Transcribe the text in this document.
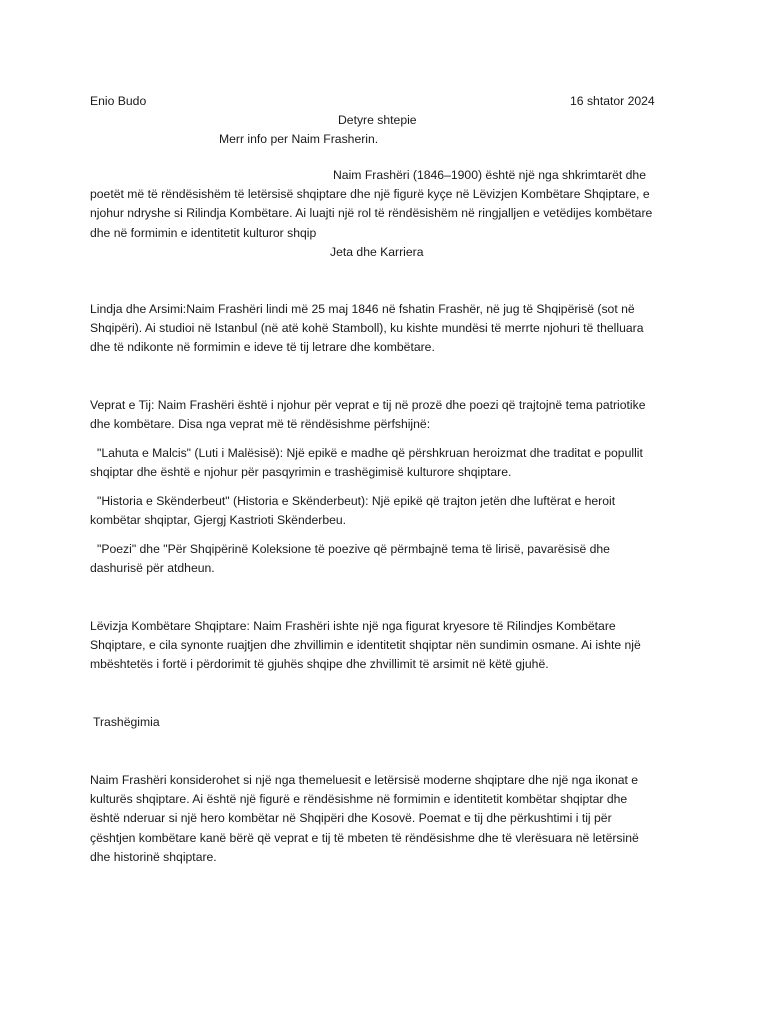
Enio Budo	16 shtator 2024
Detyre shtepie
Merr info per Naim Frasherin.
Naim Frashëri (1846–1900) është një nga shkrimtarët dhe
poetët më të rëndësishëm të letërsisë shqiptare dhe një figurë kyçe në Lëvizjen Kombëtare Shqiptare, e
njohur ndryshe si Rilindja Kombëtare. Ai luajti një rol të rëndësishëm në ringjalljen e vetëdijes kombëtare
dhe në formimin e identitetit kulturor shqip
Jeta dhe Karriera
Lindja dhe Arsimi:Naim Frashëri lindi më 25 maj 1846 në fshatin Frashër, në jug të Shqipërisë (sot në
Shqipëri). Ai studioi në Istanbul (në atë kohë Stamboll), ku kishte mundësi të merrte njohuri të thelluara
dhe të ndikonte në formimin e ideve të tij letrare dhe kombëtare.
Veprat e Tij: Naim Frashëri është i njohur për veprat e tij në prozë dhe poezi që trajtojnë tema patriotike
dhe kombëtare. Disa nga veprat më të rëndësishme përfshijnë:
"Lahuta e Malcis" (Luti i Malësisë): Një epikë e madhe që përshkruan heroizmat dhe traditat e popullit
shqiptar dhe është e njohur për pasqyrimin e trashëgimisë kulturore shqiptare.
"Historia e Skënderbeut" (Historia e Skënderbeut): Një epikë që trajton jetën dhe luftërat e heroit
kombëtar shqiptar, Gjergj Kastrioti Skënderbeu.
"Poezi" dhe "Për Shqipërinë Koleksione të poezive që përmbajnë tema të lirisë, pavarësisë dhe
dashurisë për atdheun.
Lëvizja Kombëtare Shqiptare: Naim Frashëri ishte një nga figurat kryesore të Rilindjes Kombëtare
Shqiptare, e cila synonte ruajtjen dhe zhvillimin e identitetit shqiptar nën sundimin osmane. Ai ishte një
mbështetës i fortë i përdorimit të gjuhës shqipe dhe zhvillimit të arsimit në këtë gjuhë.
Trashëgimia
Naim Frashëri konsiderohet si një nga themeluesit e letërsisë moderne shqiptare dhe një nga ikonat e
kulturës shqiptare. Ai është një figurë e rëndësishme në formimin e identitetit kombëtar shqiptar dhe
është nderuar si një hero kombëtar në Shqipëri dhe Kosovë. Poemat e tij dhe përkushtimi i tij për
çështjen kombëtare kanë bërë që veprat e tij të mbeten të rëndësishme dhe të vlerësuara në letërsinë
dhe historinë shqiptare.
